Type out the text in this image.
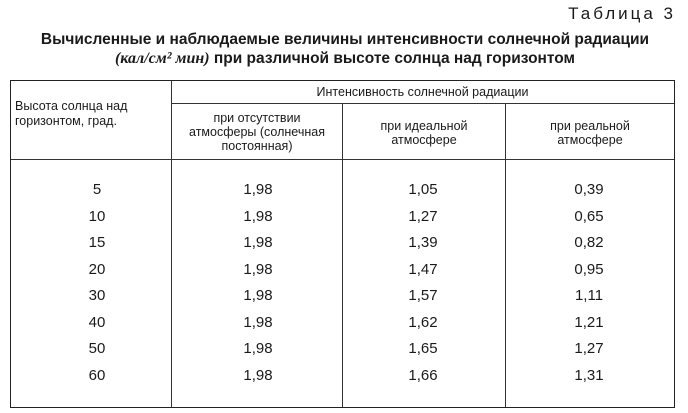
Таблица 3
Вычисленные и наблюдаемые величины интенсивности солнечной радиации
(кал/см² мин) при различной высоте солнца над горизонтом
Высота солнца над горизонтом, град.
Интенсивность солнечной радиации
при отсутствии атмосферы (солнечная постоянная)
при идеальной атмосфере
при реальной атмосфере
5	1,98	1,05	0,39
10	1,98	1,27	0,65
15	1,98	1,39	0,82
20	1,98	1,47	0,95
30	1,98	1,57	1,11
40	1,98	1,62	1,21
50	1,98	1,65	1,27
60	1,98	1,66	1,31
